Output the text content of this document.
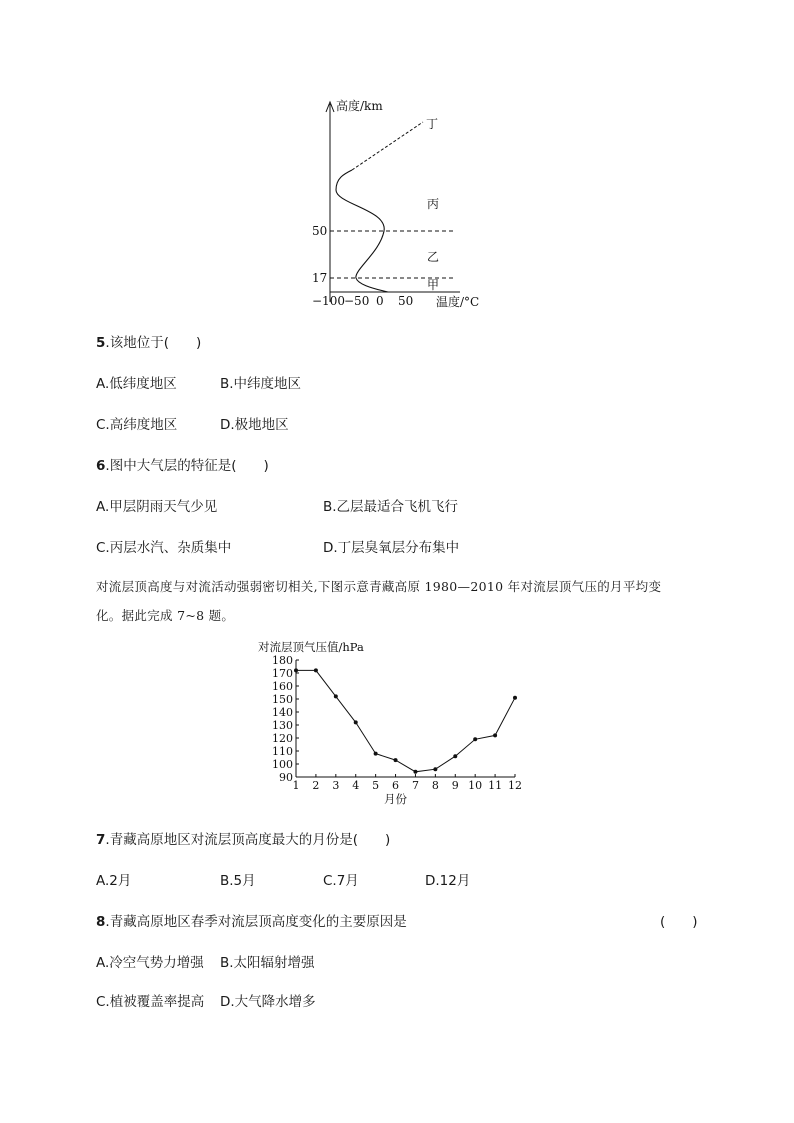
高度/km
50
17
−100 −50 0 50 温度/°C
甲
乙
丙
丁
5.该地位于(　　)
A.低纬度地区	B.中纬度地区
C.高纬度地区	D.极地地区
6.图中大气层的特征是(　　)
A.甲层阴雨天气少见	B.乙层最适合飞机飞行
C.丙层水汽、杂质集中	D.丁层臭氧层分布集中
对流层顶高度与对流活动强弱密切相关,下图示意青藏高原 1980—2010 年对流层顶气压的月平均变
化。据此完成 7~8 题。
对流层顶气压值/hPa
月份
180
170
160
150
140
130
120
110
100
90
1 2 3 4 5 6 7 8 9 10 11 12
7.青藏高原地区对流层顶高度最大的月份是(　　)
A.2月	B.5月	C.7月	D.12月
8.青藏高原地区春季对流层顶高度变化的主要原因是	(　　)
A.冷空气势力增强 B.太阳辐射增强
C.植被覆盖率提高 D.大气降水增多
